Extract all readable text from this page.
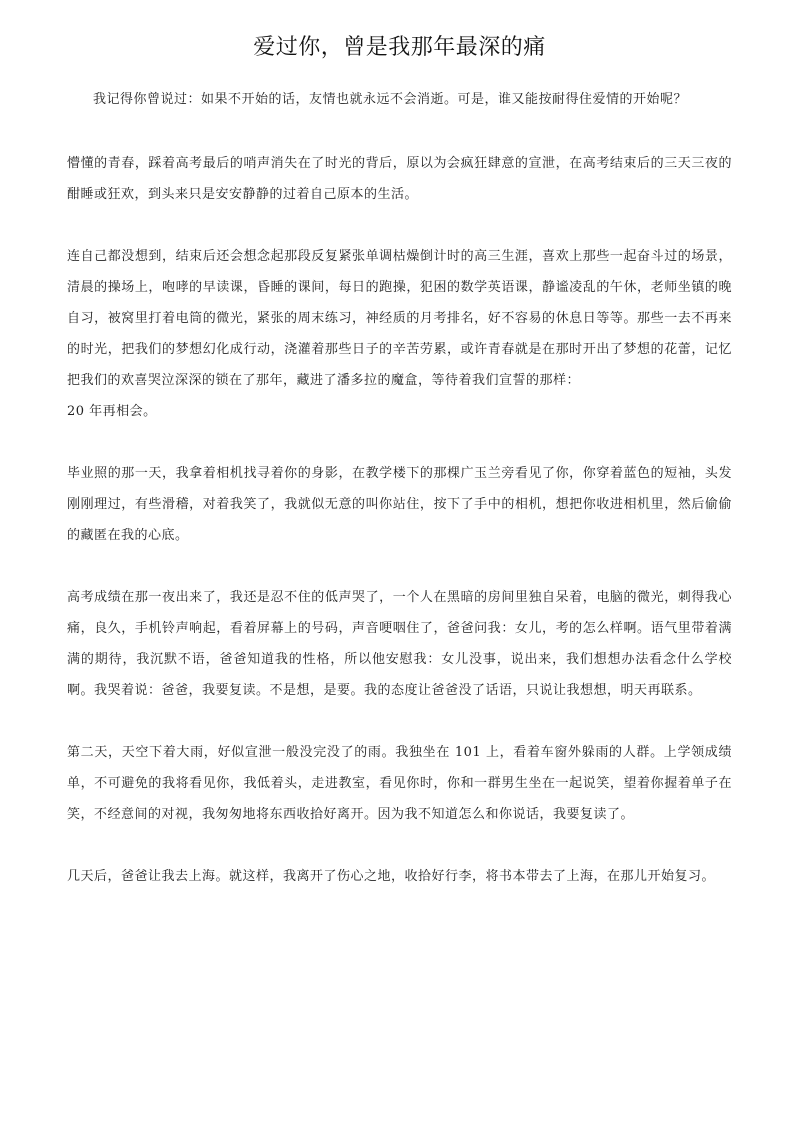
爱过你，曾是我那年最深的痛

我记得你曾说过：如果不开始的话，友情也就永远不会消逝。可是，谁又能按耐得住爱情的开始呢？

懵懂的青春，踩着高考最后的哨声消失在了时光的背后，原以为会疯狂肆意的宣泄，在高考结束后的三天三夜的酣睡或狂欢，到头来只是安安静静的过着自己原本的生活。

连自己都没想到，结束后还会想念起那段反复紧张单调枯燥倒计时的高三生涯，喜欢上那些一起奋斗过的场景，清晨的操场上，咆哮的早读课，昏睡的课间，每日的跑操，犯困的数学英语课，静谧凌乱的午休，老师坐镇的晚自习，被窝里打着电筒的微光，紧张的周末练习，神经质的月考排名，好不容易的休息日等等。那些一去不再来的时光，把我们的梦想幻化成行动，浇灌着那些日子的辛苦劳累，或许青春就是在那时开出了梦想的花蕾，记忆把我们的欢喜哭泣深深的锁在了那年，藏进了潘多拉的魔盒，等待着我们宣誓的那样：

20 年再相会。

毕业照的那一天，我拿着相机找寻着你的身影，在教学楼下的那棵广玉兰旁看见了你，你穿着蓝色的短袖，头发刚刚理过，有些滑稽，对着我笑了，我就似无意的叫你站住，按下了手中的相机，想把你收进相机里，然后偷偷的藏匿在我的心底。

高考成绩在那一夜出来了，我还是忍不住的低声哭了，一个人在黑暗的房间里独自呆着，电脑的微光，刺得我心痛，良久，手机铃声响起，看着屏幕上的号码，声音哽咽住了，爸爸问我：女儿，考的怎么样啊。语气里带着满满的期待，我沉默不语，爸爸知道我的性格，所以他安慰我：女儿没事，说出来，我们想想办法看念什么学校啊。我哭着说：爸爸，我要复读。不是想，是要。我的态度让爸爸没了话语，只说让我想想，明天再联系。

第二天，天空下着大雨，好似宣泄一般没完没了的雨。我独坐在 101 上，看着车窗外躲雨的人群。上学领成绩单，不可避免的我将看见你，我低着头，走进教室，看见你时，你和一群男生坐在一起说笑，望着你握着单子在笑，不经意间的对视，我匆匆地将东西收拾好离开。因为我不知道怎么和你说话，我要复读了。

几天后，爸爸让我去上海。就这样，我离开了伤心之地，收拾好行李，将书本带去了上海，在那儿开始复习。
